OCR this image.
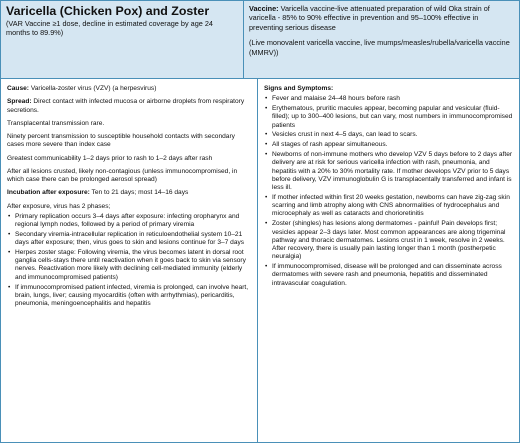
Varicella (Chicken Pox) and Zoster

(VAR Vaccine ≥1 dose, decline in estimated coverage by age 24 months to 89.9%)

Vaccine: Varicella vaccine-live attenuated preparation of wild Oka strain of varicella - 85% to 90% effective in prevention and 95–100% effective in preventing serious disease

(Live monovalent varicella vaccine, live mumps/measles/rubella/varicella vaccine (MMRV))

Cause: Varicella-zoster virus (VZV) (a herpesvirus)

Spread: Direct contact with infected mucosa or airborne droplets from respiratory secretions.

Transplacental transmission rare.

Ninety percent transmission to susceptible household contacts with secondary cases more severe than index case

Greatest communicability 1–2 days prior to rash to 1–2 days after rash

After all lesions crusted, likely non-contagious (unless immunocompromised, in which case there can be prolonged aerosol spread)

Incubation after exposure: Ten to 21 days; most 14–16 days

After exposure, virus has 2 phases;

• Primary replication occurs 3–4 days after exposure: infecting oropharynx and regional lymph nodes, followed by a period of primary viremia
• Secondary viremia-intracellular replication in reticuloendothelial system 10–21 days after exposure; then, virus goes to skin and lesions continue for 3–7 days
• Herpes zoster stage: Following viremia, the virus becomes latent in dorsal root ganglia cells-stays there until reactivation when it goes back to skin via sensory nerves. Reactivation more likely with declining cell-mediated immunity (elderly and immunocompromised patients)
• If immunocompromised patient infected, viremia is prolonged, can involve heart, brain, lungs, liver; causing myocarditis (often with arrhythmias), pericarditis, pneumonia, meningoencephalitis and hepatitis

Signs and Symptoms:

• Fever and malaise 24–48 hours before rash
• Erythematous, pruritic macules appear, becoming papular and vesicular (fluid- filled); up to 300–400 lesions, but can vary, most numbers in immunocompromised patients
• Vesicles crust in next 4–5 days, can lead to scars.
• All stages of rash appear simultaneous.
• Newborns of non-immune mothers who develop VZV 5 days before to 2 days after delivery are at risk for serious varicella infection with rash, pneumonia, and hepatitis with a 20% to 30% mortality rate. If mother develops VZV prior to 5 days before delivery, VZV immunoglobulin G is transplacentally transferred and infant is less ill.
• If mother infected within first 20 weeks gestation, newborns can have zig-zag skin scarring and limb atrophy along with CNS abnormalities of hydrocephalus and microcephaly as well as cataracts and chorioretinitis
• Zoster (shingles) has lesions along dermatomes - painful! Pain develops first; vesicles appear 2–3 days later. Most common appearances are along trigeminal pathway and thoracic dermatomes. Lesions crust in 1 week, resolve in 2 weeks. After recovery, there is usually pain lasting longer than 1 month (postherpetic neuralgia)
• If immunocompromised, disease will be prolonged and can disseminate across dermatomes with severe rash and pneumonia, hepatitis and disseminated intravascular coagulation.
